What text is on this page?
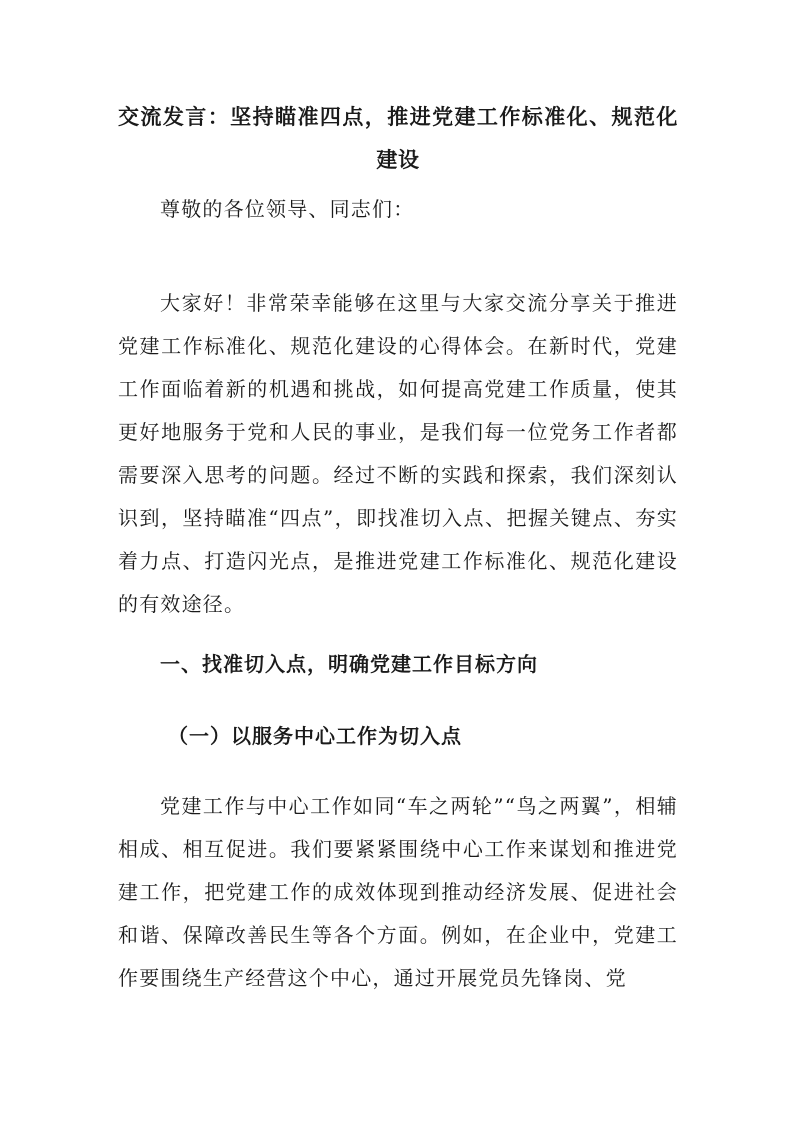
交流发言：坚持瞄准四点，推进党建工作标准化、规范化建设
尊敬的各位领导、同志们：
大家好！非常荣幸能够在这里与大家交流分享关于推进党建工作标准化、规范化建设的心得体会。在新时代，党建工作面临着新的机遇和挑战，如何提高党建工作质量，使其更好地服务于党和人民的事业，是我们每一位党务工作者都需要深入思考的问题。经过不断的实践和探索，我们深刻认识到，坚持瞄准“四点”，即找准切入点、把握关键点、夯实着力点、打造闪光点，是推进党建工作标准化、规范化建设的有效途径。
一、找准切入点，明确党建工作目标方向
（一）以服务中心工作为切入点
党建工作与中心工作如同“车之两轮”“鸟之两翼”，相辅相成、相互促进。我们要紧紧围绕中心工作来谋划和推进党建工作，把党建工作的成效体现到推动经济发展、促进社会和谐、保障改善民生等各个方面。例如，在企业中，党建工作要围绕生产经营这个中心，通过开展党员先锋岗、党
